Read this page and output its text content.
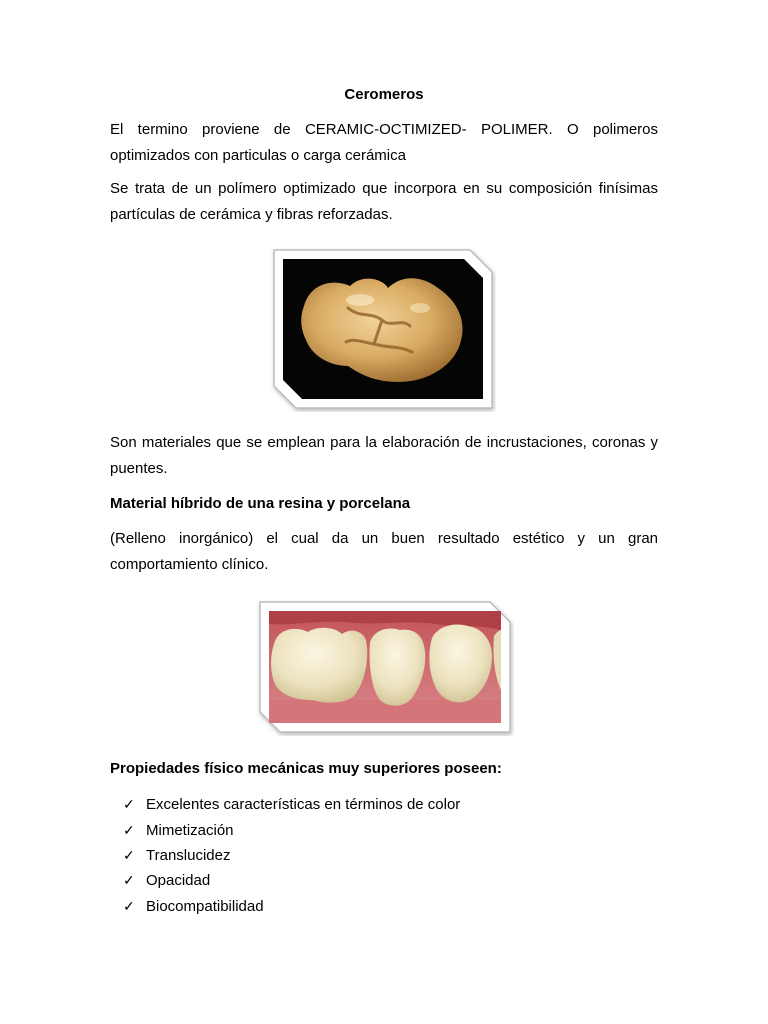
Ceromeros

El termino proviene de CERAMIC-OCTIMIZED- POLIMER. O polimeros optimizados con particulas o carga cerámica

Se trata de un polímero optimizado que incorpora en su composición finísimas partículas de cerámica y fibras reforzadas.

Son materiales que se emplean para la elaboración de incrustaciones, coronas y puentes.

Material híbrido de una resina y porcelana

(Relleno inorgánico) el cual da un buen resultado estético y un gran comportamiento clínico.

Propiedades físico mecánicas muy superiores poseen:

✓ Excelentes características en términos de color
✓ Mimetización
✓ Translucidez
✓ Opacidad
✓ Biocompatibilidad
